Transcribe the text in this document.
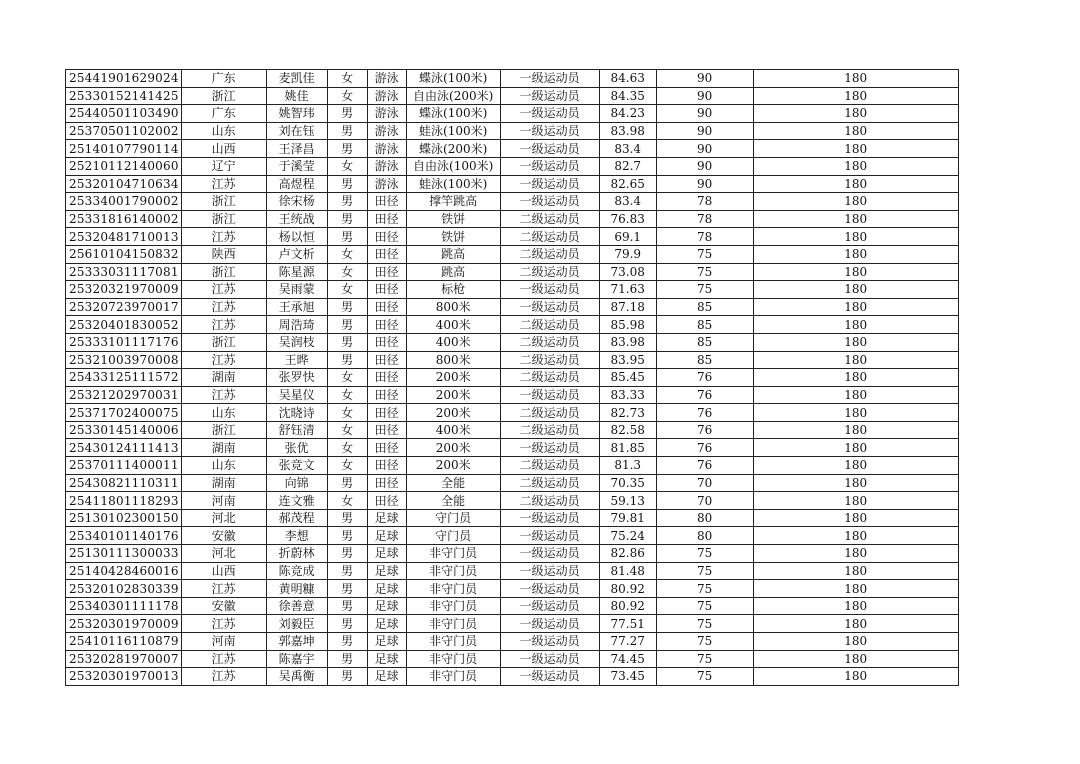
25441901629024	广东	麦凯佳	女	游泳	蝶泳(100米)	一级运动员	84.63	90	180
25330152141425	浙江	姚佳	女	游泳	自由泳(200米)	一级运动员	84.35	90	180
25440501103490	广东	姚智玮	男	游泳	蝶泳(100米)	一级运动员	84.23	90	180
25370501102002	山东	刘在钰	男	游泳	蛙泳(100米)	一级运动员	83.98	90	180
25140107790114	山西	王泽昌	男	游泳	蝶泳(200米)	一级运动员	83.4	90	180
25210112140060	辽宁	于溪莹	女	游泳	自由泳(100米)	一级运动员	82.7	90	180
25320104710634	江苏	高煜程	男	游泳	蛙泳(100米)	一级运动员	82.65	90	180
25334001790002	浙江	徐宋杨	男	田径	撑竿跳高	一级运动员	83.4	78	180
25331816140002	浙江	王统战	男	田径	铁饼	二级运动员	76.83	78	180
25320481710013	江苏	杨以恒	男	田径	铁饼	二级运动员	69.1	78	180
25610104150832	陕西	卢文析	女	田径	跳高	二级运动员	79.9	75	180
25333031117081	浙江	陈星源	女	田径	跳高	二级运动员	73.08	75	180
25320321970009	江苏	吴雨蒙	女	田径	标枪	一级运动员	71.63	75	180
25320723970017	江苏	王承旭	男	田径	800米	一级运动员	87.18	85	180
25320401830052	江苏	周浩琦	男	田径	400米	二级运动员	85.98	85	180
25333101117176	浙江	吴润枝	男	田径	400米	二级运动员	83.98	85	180
25321003970008	江苏	王晔	男	田径	800米	二级运动员	83.95	85	180
25433125111572	湖南	张罗快	女	田径	200米	二级运动员	85.45	76	180
25321202970031	江苏	吴星仪	女	田径	200米	一级运动员	83.33	76	180
25371702400075	山东	沈晓诗	女	田径	200米	二级运动员	82.73	76	180
25330145140006	浙江	舒钰清	女	田径	400米	二级运动员	82.58	76	180
25430124111413	湖南	张优	女	田径	200米	一级运动员	81.85	76	180
25370111400011	山东	张竞文	女	田径	200米	二级运动员	81.3	76	180
25430821110311	湖南	向锦	男	田径	全能	二级运动员	70.35	70	180
25411801118293	河南	连文雅	女	田径	全能	二级运动员	59.13	70	180
25130102300150	河北	郝茂程	男	足球	守门员	一级运动员	79.81	80	180
25340101140176	安徽	李想	男	足球	守门员	一级运动员	75.24	80	180
25130111300033	河北	折蔚林	男	足球	非守门员	一级运动员	82.86	75	180
25140428460016	山西	陈竞成	男	足球	非守门员	一级运动员	81.48	75	180
25320102830339	江苏	黄明糠	男	足球	非守门员	一级运动员	80.92	75	180
25340301111178	安徽	徐善意	男	足球	非守门员	一级运动员	80.92	75	180
25320301970009	江苏	刘毅臣	男	足球	非守门员	一级运动员	77.51	75	180
25410116110879	河南	郭嘉坤	男	足球	非守门员	一级运动员	77.27	75	180
25320281970007	江苏	陈嘉宇	男	足球	非守门员	一级运动员	74.45	75	180
25320301970013	江苏	吴禹衡	男	足球	非守门员	一级运动员	73.45	75	180
